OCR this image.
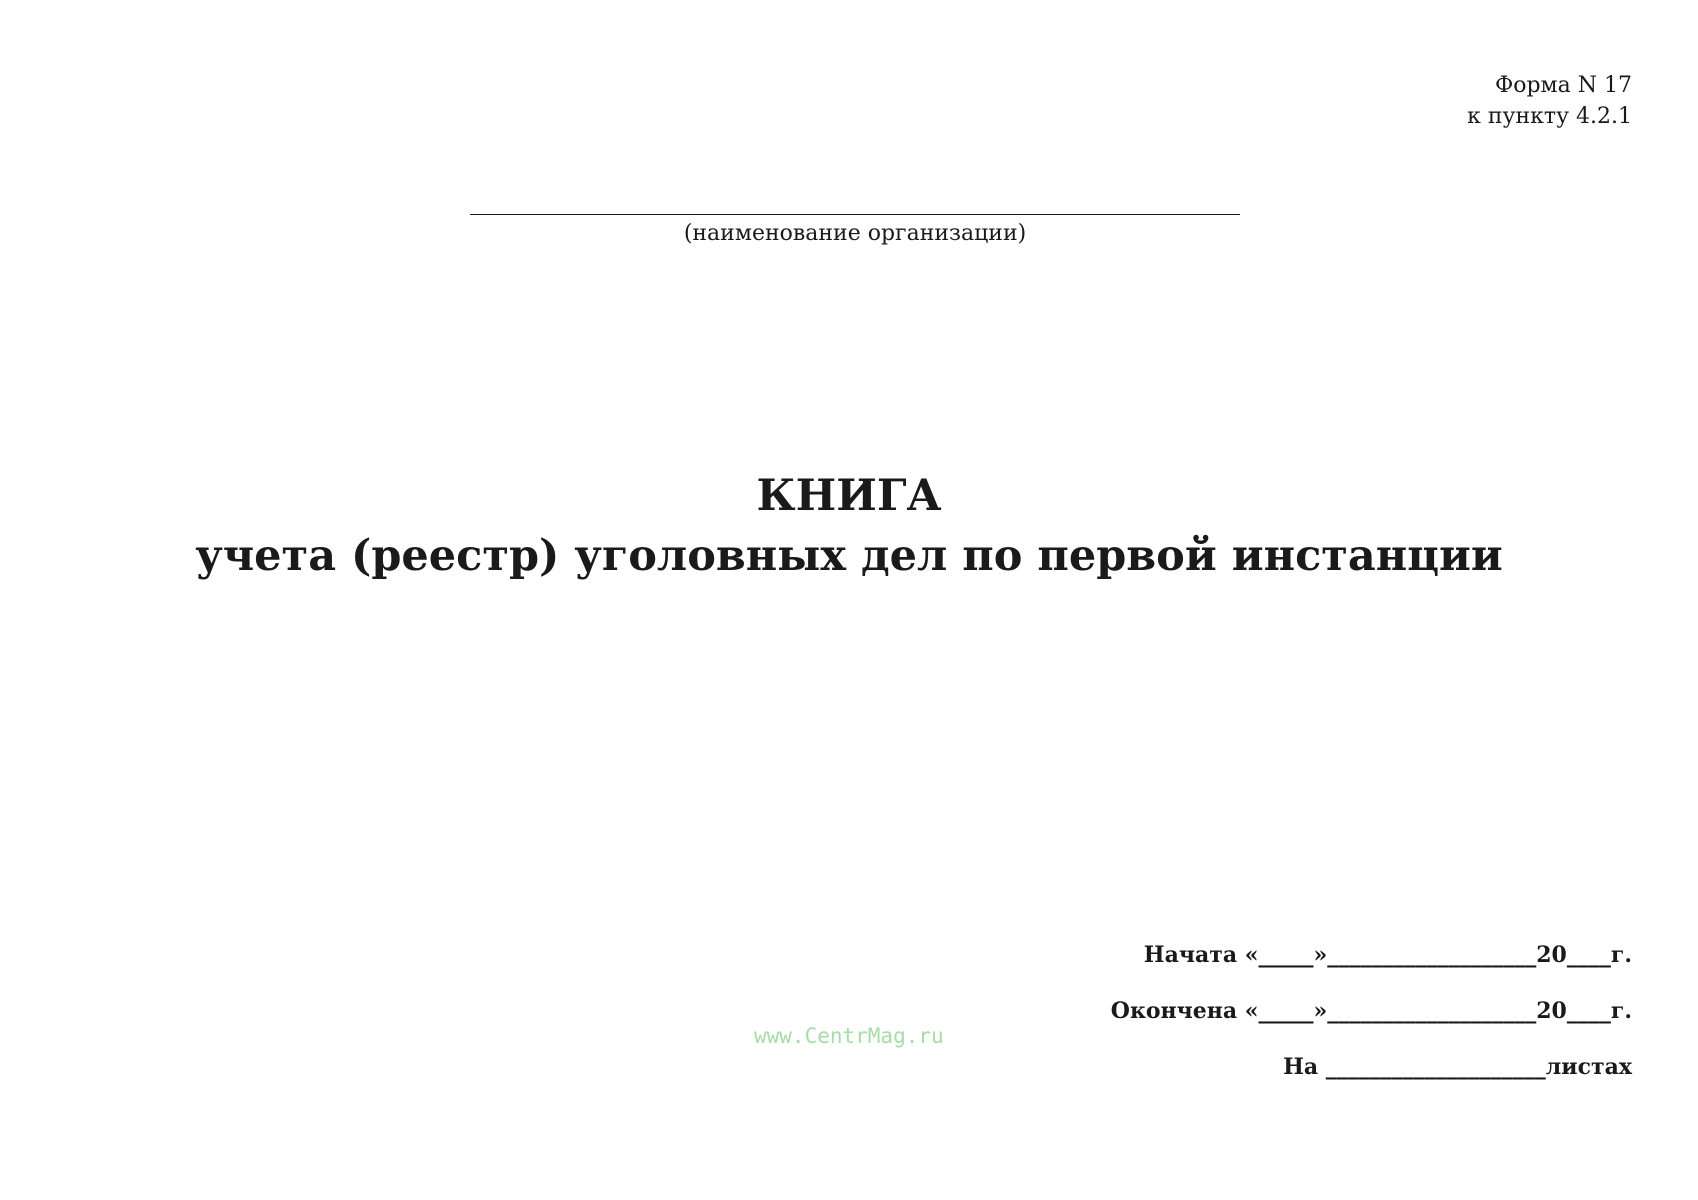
Форма N 17
к пункту 4.2.1
(наименование организации)
КНИГА
учета (реестр) уголовных дел по первой инстанции
Начата «_____»___________________20____г.
Окончена «_____»___________________20____г.
На ____________________листах
www.CentrMag.ru
